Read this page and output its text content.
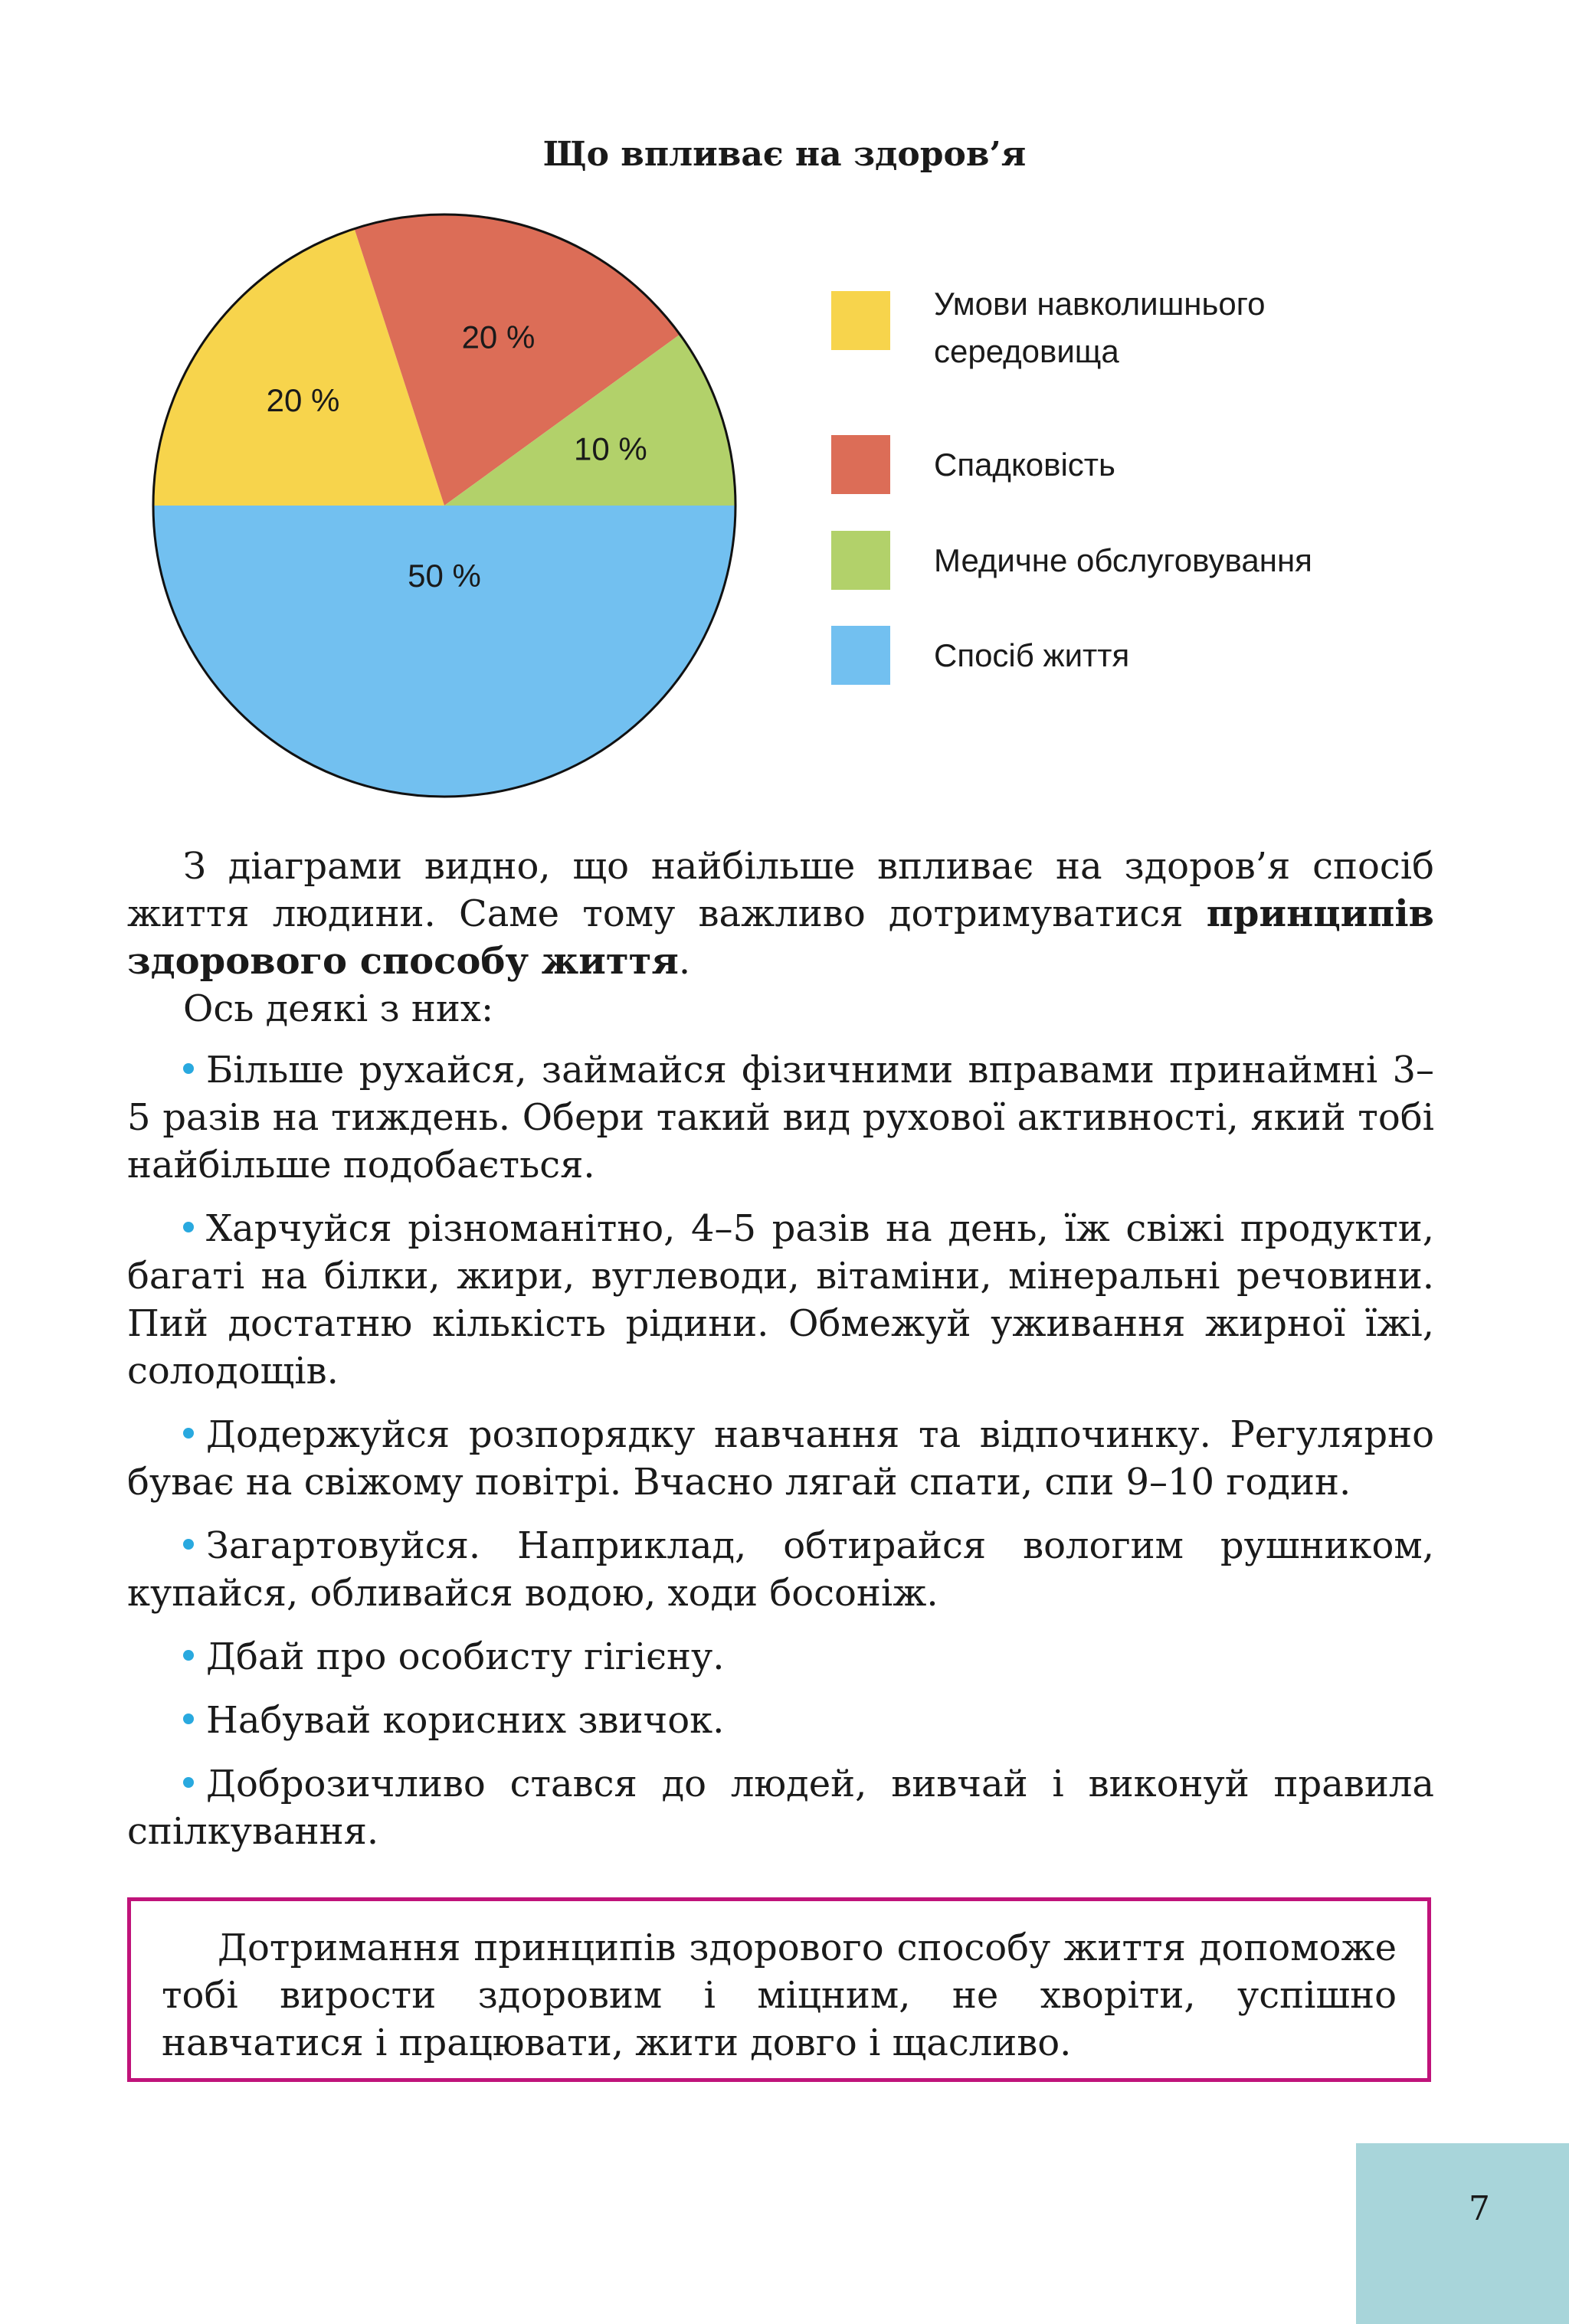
Що впливає на здоров’я
50 %
20 %
20 %
10 %
Умови навколишнього середовища
Спадковість
Медичне обслуговування
Спосіб життя

З діаграми видно, що найбільше впливає на здоров’я спосіб життя людини. Саме тому важливо дотримуватися принципів здорового способу життя.

Ось деякі з них:

Більше рухайся, займайся фізичними вправами принаймні 3–5 разів на тиждень. Обери такий вид рухової активності, який тобі найбільше подобається.
Харчуйся різноманітно, 4–5 разів на день, їж свіжі продукти, багаті на білки, жири, вуглеводи, вітаміни, мінеральні речовини. Пий достатню кількість рідини. Обмежуй уживання жирної їжі, солодощів.
Додержуйся розпорядку навчання та відпочинку. Регулярно буває на свіжому повітрі. Вчасно лягай спати, спи 9–10 годин.
Загартовуйся. Наприклад, обтирайся вологим рушником, купайся, обливайся водою, ходи босоніж.
Дбай про особисту гігієну.
Набувай корисних звичок.
Доброзичливо стався до людей, вивчай і виконуй правила спілкування.

Дотримання принципів здорового способу життя допоможе тобі вирости здоровим і міцним, не хворіти, успішно навчатися і працювати, жити довго і щасливо.

7
